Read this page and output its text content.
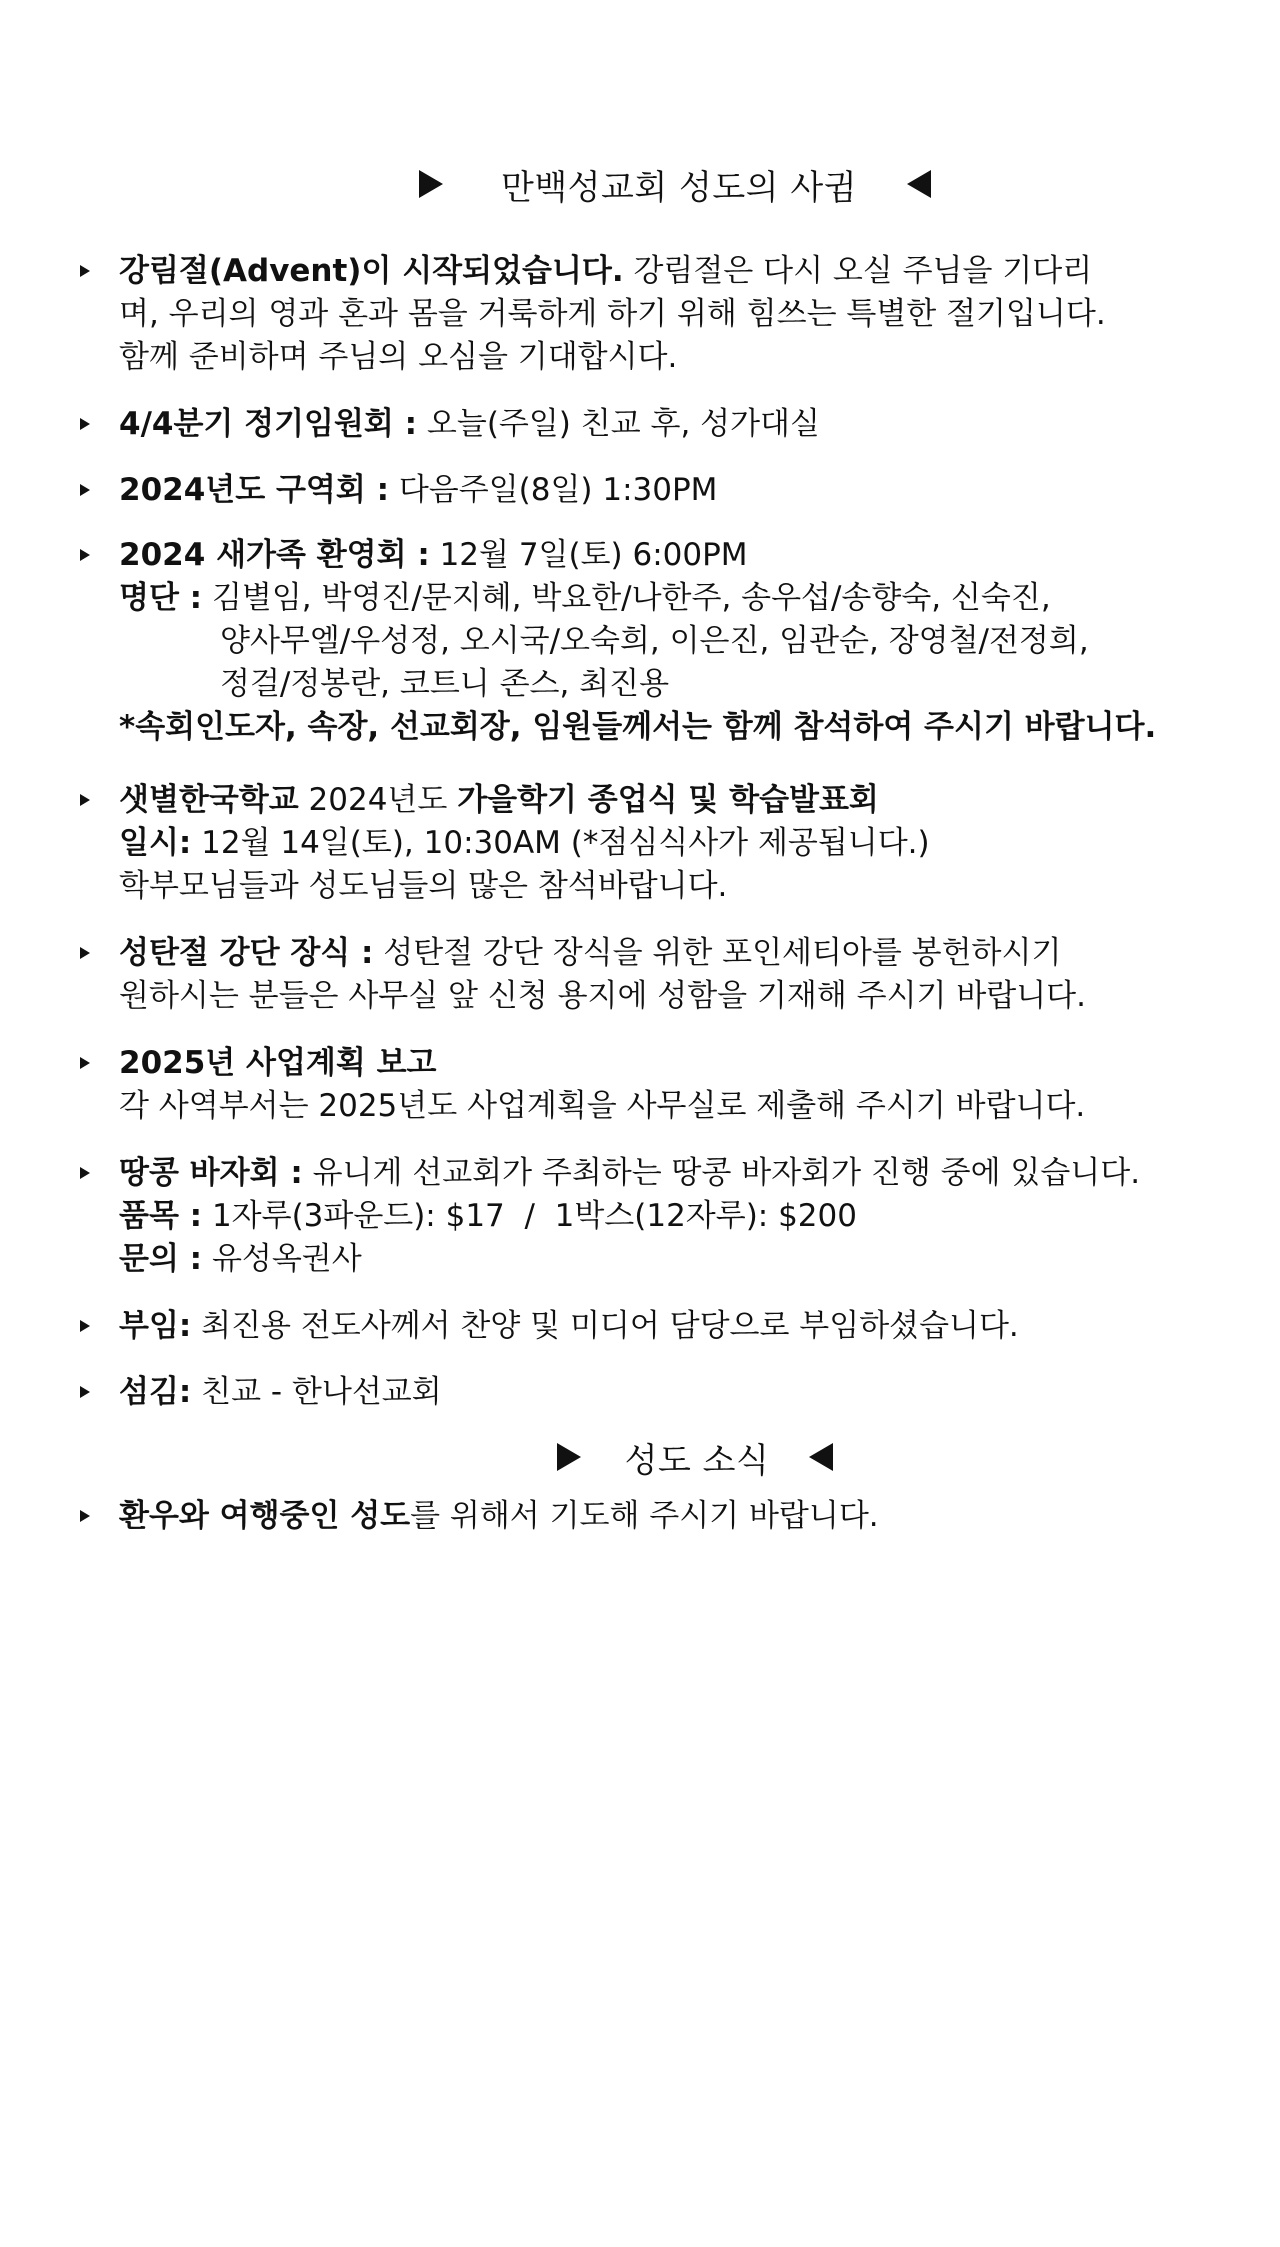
만백성교회 성도의 사귐
강림절(Advent)이 시작되었습니다. 강림절은 다시 오실 주님을 기다리
며, 우리의 영과 혼과 몸을 거룩하게 하기 위해 힘쓰는 특별한 절기입니다.
함께 준비하며 주님의 오심을 기대합시다.
4/4분기 정기임원회 : 오늘(주일) 친교 후, 성가대실
2024년도 구역회 : 다음주일(8일) 1:30PM
2024 새가족 환영회 : 12월 7일(토) 6:00PM
명단 : 김별임, 박영진/문지혜, 박요한/나한주, 송우섭/송향숙, 신숙진,
양사무엘/우성정, 오시국/오숙희, 이은진, 임관순, 장영철/전정희,
정걸/정봉란, 코트니 존스, 최진용
*속회인도자, 속장, 선교회장, 임원들께서는 함께 참석하여 주시기 바랍니다.
샛별한국학교 2024년도 가을학기 종업식 및 학습발표회
일시: 12월 14일(토), 10:30AM (*점심식사가 제공됩니다.)
학부모님들과 성도님들의 많은 참석바랍니다.
성탄절 강단 장식 : 성탄절 강단 장식을 위한 포인세티아를 봉헌하시기
원하시는 분들은 사무실 앞 신청 용지에 성함을 기재해 주시기 바랍니다.
2025년 사업계획 보고
각 사역부서는 2025년도 사업계획을 사무실로 제출해 주시기 바랍니다.
땅콩 바자회 : 유니게 선교회가 주최하는 땅콩 바자회가 진행 중에 있습니다.
품목 : 1자루(3파운드): $17  /  1박스(12자루): $200
문의 : 유성옥권사
부임: 최진용 전도사께서 찬양 및 미디어 담당으로 부임하셨습니다.
섬김: 친교 - 한나선교회
성도 소식
환우와 여행중인 성도를 위해서 기도해 주시기 바랍니다.
